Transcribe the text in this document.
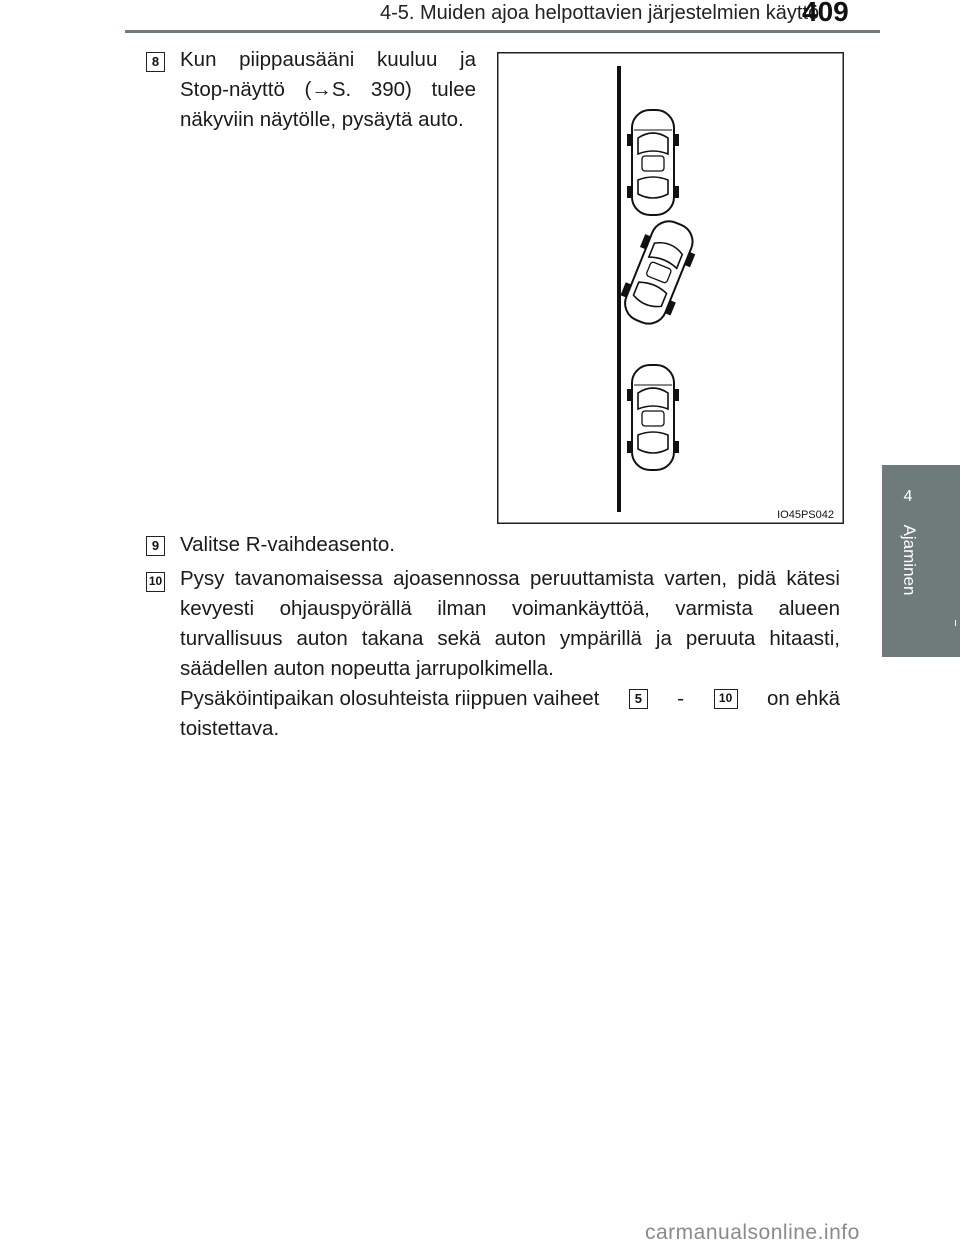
4-5. Muiden ajoa helpottavien järjestelmien käyttö
409
4
Ajaminen
8 Kun piippausääni kuuluu ja Stop-näyttö (→S. 390) tulee näkyviin näytölle, pysäytä auto.
IO45PS042
9 Valitse R-vaihdeasento.
10 Pysy tavanomaisessa ajoasennossa peruuttamista varten, pidä kätesi kevyesti ohjauspyörällä ilman voimankäyttöä, varmista alueen turvallisuus auton takana sekä auton ympärillä ja peruuta hitaasti, säädellen auton nopeutta jarrupolkimella.
Pysäköintipaikan olosuhteista riippuen vaiheet	5 -	10 on ehkä
toistettava.
carmanualsonline.info
